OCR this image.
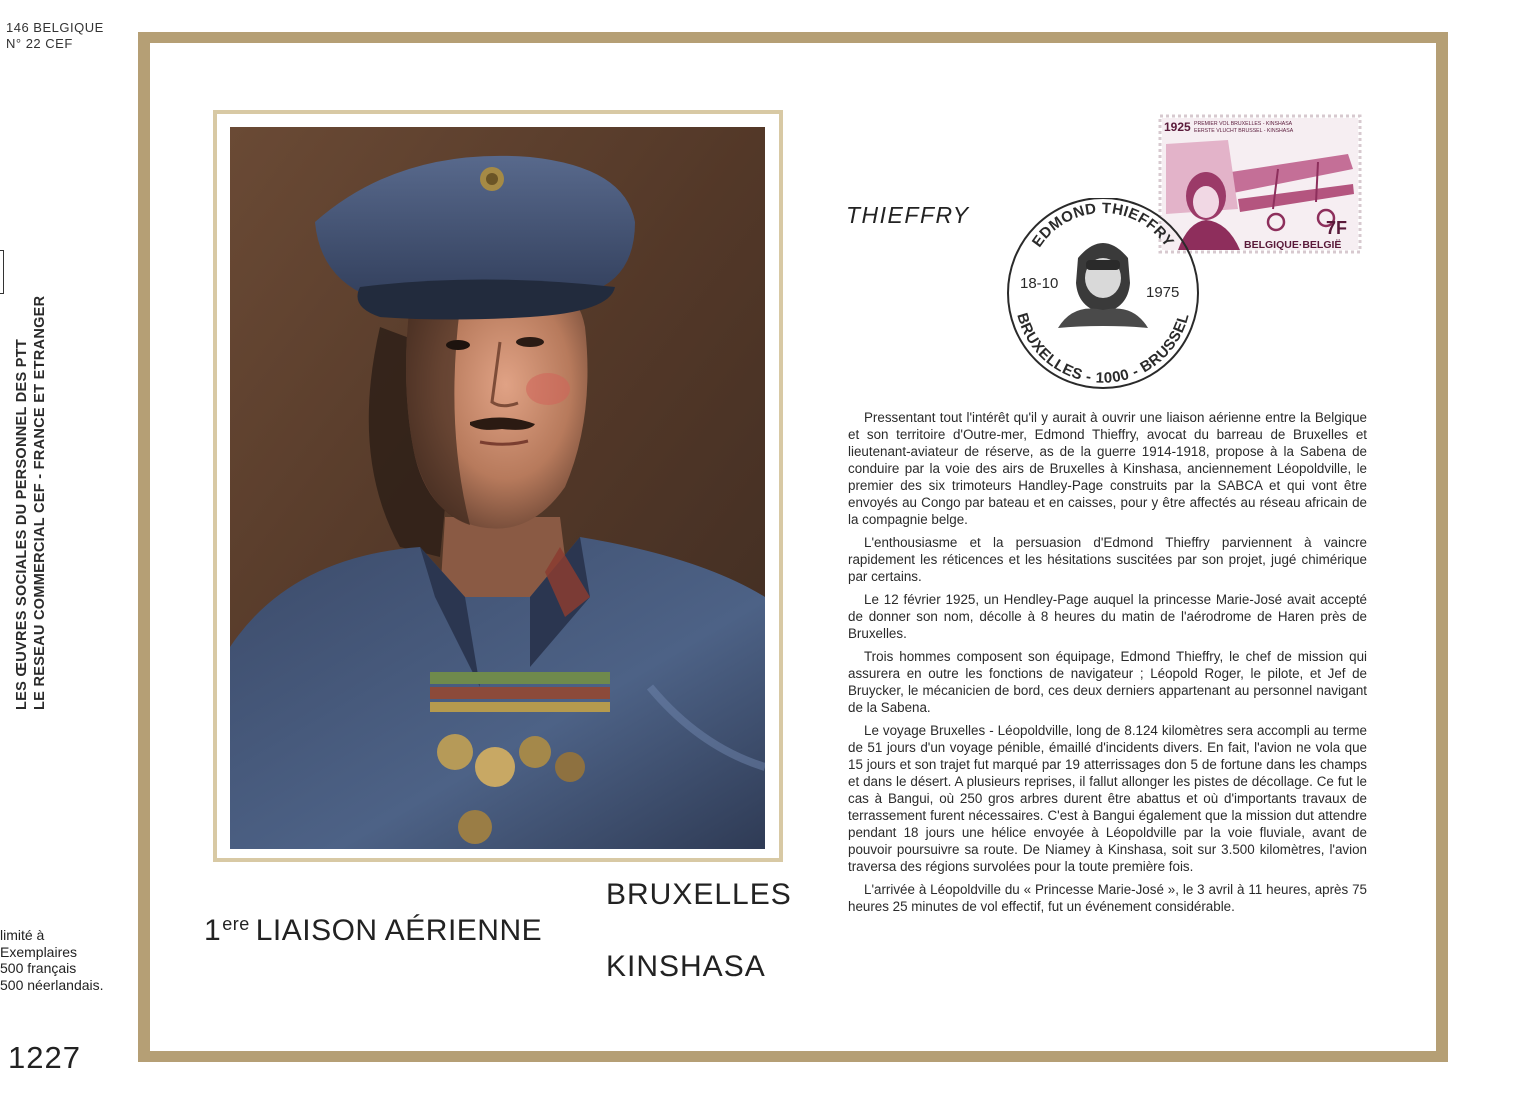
146 BELGIQUE
N° 22 CEF
LES ŒUVRES SOCIALES DU PERSONNEL DES PTT LE RESEAU COMMERCIAL CEF - FRANCE ET ETRANGER
limité à
Exemplaires
500 français
500 néerlandais.
1227
1ere LIAISON AÉRIENNE
BRUXELLES
KINSHASA
THIEFFRY
1925 PREMIER VOL BRUXELLES - KINSHASA
EERSTE VLUCHT BRUSSEL - KINSHASA
BELGIQUE·BELGIË
7F
EDMOND THIEFFRY
BRUXELLES - 1000 - BRUSSEL
18-10
1975

Pressentant tout l'intérêt qu'il y aurait à ouvrir une liaison aérienne entre la Belgique et son territoire d'Outre-mer, Edmond Thieffry, avocat du barreau de Bruxelles et lieutenant-aviateur de réserve, as de la guerre 1914-1918, propose à la Sabena de conduire par la voie des airs de Bruxelles à Kinshasa, anciennement Léopoldville, le premier des six trimoteurs Handley-Page construits par la SABCA et qui vont être envoyés au Congo par bateau et en caisses, pour y être affectés au réseau africain de la compagnie belge.

L'enthousiasme et la persuasion d'Edmond Thieffry parviennent à vaincre rapidement les réticences et les hésitations suscitées par son projet, jugé chimérique par certains.

Le 12 février 1925, un Hendley-Page auquel la princesse Marie-José avait accepté de donner son nom, décolle à 8 heures du matin de l'aérodrome de Haren près de Bruxelles.

Trois hommes composent son équipage, Edmond Thieffry, le chef de mission qui assurera en outre les fonctions de navigateur ; Léopold Roger, le pilote, et Jef de Bruycker, le mécanicien de bord, ces deux derniers appartenant au personnel navigant de la Sabena.

Le voyage Bruxelles - Léopoldville, long de 8.124 kilomètres sera accompli au terme de 51 jours d'un voyage pénible, émaillé d'incidents divers. En fait, l'avion ne vola que 15 jours et son trajet fut marqué par 19 atterrissages don 5 de fortune dans les champs et dans le désert. A plusieurs reprises, il fallut allonger les pistes de décollage. Ce fut le cas à Bangui, où 250 gros arbres durent être abattus et où d'importants travaux de terrassement furent nécessaires. C'est à Bangui également que la mission dut attendre pendant 18 jours une hélice envoyée à Léopoldville par la voie fluviale, avant de pouvoir poursuivre sa route. De Niamey à Kinshasa, soit sur 3.500 kilomètres, l'avion traversa des régions survolées pour la toute première fois.

L'arrivée à Léopoldville du « Princesse Marie-José », le 3 avril à 11 heures, après 75 heures 25 minutes de vol effectif, fut un événement considérable.
